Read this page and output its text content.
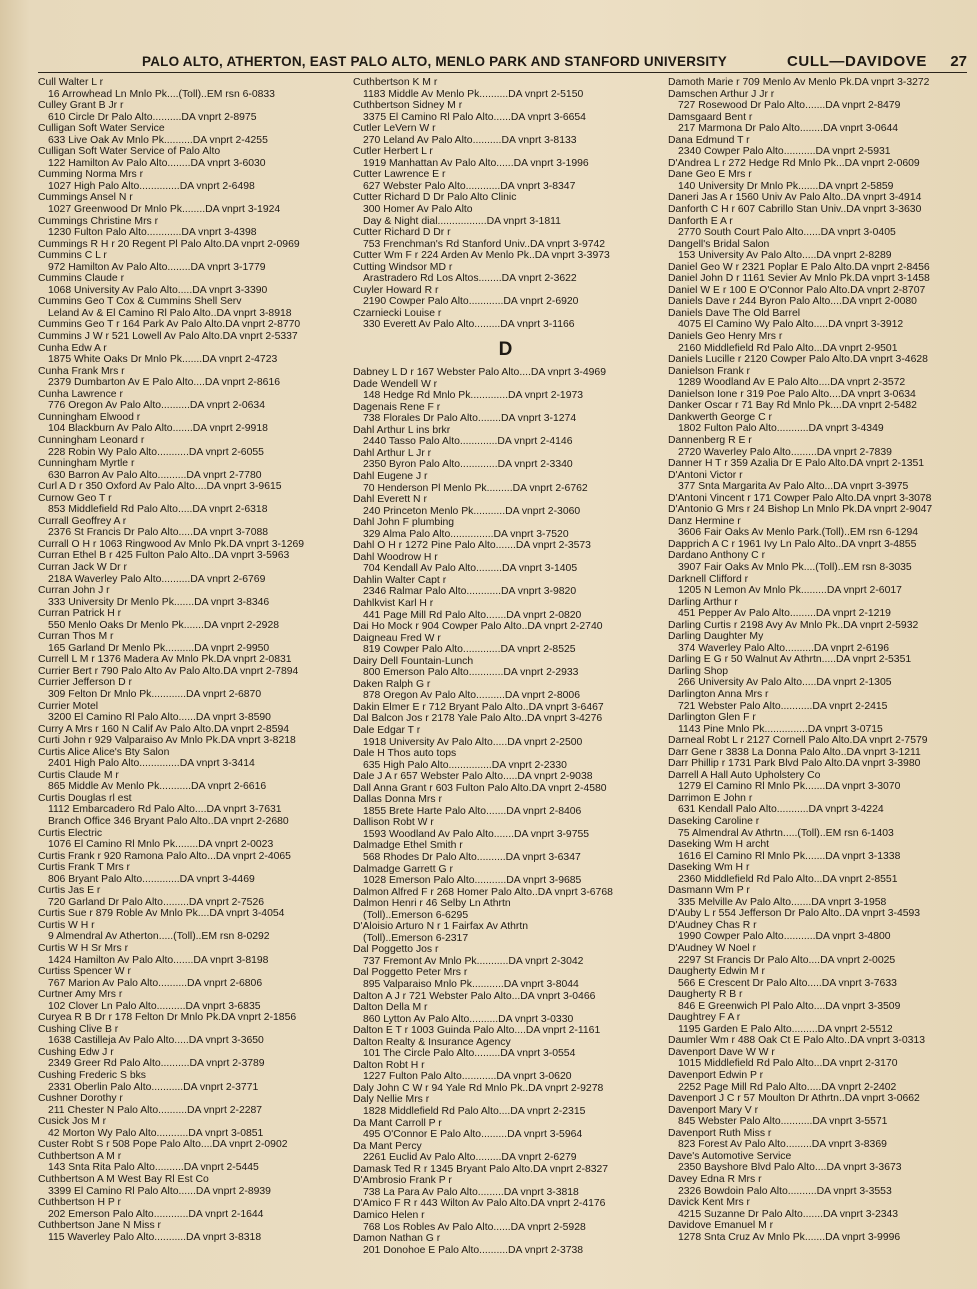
PALO ALTO, ATHERTON, EAST PALO ALTO, MENLO PARK AND STANFORD UNIVERSITY	CULL—DAVIDOVE 27
Cull Walter L r
16 Arrowhead Ln Mnlo Pk....(Toll)..EM rsn 6-0833
Culley Grant B Jr r
610 Circle Dr Palo Alto..........DA vnprt 2-8975
Culligan Soft Water Service
633 Live Oak Av Mnlo Pk..........DA vnprt 2-4255
Culligan Soft Water Service of Palo Alto
122 Hamilton Av Palo Alto........DA vnprt 3-6030
Cumming Norma Mrs r
1027 High Palo Alto..............DA vnprt 2-6498
Cummings Ansel N r
1027 Greenwood Dr Mnlo Pk........DA vnprt 3-1924
Cummings Christine Mrs r
1230 Fulton Palo Alto............DA vnprt 3-4398
Cummings R H r 20 Regent Pl Palo Alto.DA vnprt 2-0969
Cummins C L r
972 Hamilton Av Palo Alto........DA vnprt 3-1779
Cummins Claude r
1068 University Av Palo Alto.....DA vnprt 3-3390
Cummins Geo T Cox & Cummins Shell Serv
Leland Av & El Camino Rl Palo Alto..DA vnprt 3-8918
Cummins Geo T r 164 Park Av Palo Alto.DA vnprt 2-8770
Cummins J W r 521 Lowell Av Palo Alto.DA vnprt 2-5337
Cunha Edw A r
1875 White Oaks Dr Mnlo Pk.......DA vnprt 2-4723
Cunha Frank Mrs r
2379 Dumbarton Av E Palo Alto....DA vnprt 2-8616
Cunha Lawrence r
776 Oregon Av Palo Alto..........DA vnprt 2-0634
Cunningham Elwood r
104 Blackburn Av Palo Alto.......DA vnprt 2-9918
Cunningham Leonard r
228 Robin Wy Palo Alto...........DA vnprt 2-6055
Cunningham Myrtle r
630 Barron Av Palo Alto..........DA vnprt 2-7780
Curl A D r 350 Oxford Av Palo Alto....DA vnprt 3-9615
Curnow Geo T r
853 Middlefield Rd Palo Alto.....DA vnprt 2-6318
Currall Geoffrey A r
2376 St Francis Dr Palo Alto.....DA vnprt 3-7088
Currall O H r 1063 Ringwood Av Mnlo Pk.DA vnprt 3-1269
Curran Ethel B r 425 Fulton Palo Alto..DA vnprt 3-5963
Curran Jack W Dr r
218A Waverley Palo Alto..........DA vnprt 2-6769
Curran John J r
333 University Dr Menlo Pk.......DA vnprt 3-8346
Curran Patrick H r
550 Menlo Oaks Dr Menlo Pk.......DA vnprt 2-2928
Curran Thos M r
165 Garland Dr Menlo Pk..........DA vnprt 2-9950
Currell L M r 1376 Madera Av Mnlo Pk.DA vnprt 2-0831
Currier Bert r 790 Palo Alto Av Palo Alto.DA vnprt 2-7894
Currier Jefferson D r
309 Felton Dr Mnlo Pk............DA vnprt 2-6870
Currier Motel
3200 El Camino Rl Palo Alto......DA vnprt 3-8590
Curry A Mrs r 160 N Calif Av Palo Alto.DA vnprt 2-8594
Curti John r 929 Valparaiso Av Mnlo Pk.DA vnprt 3-8218
Curtis Alice Alice's Bty Salon
2401 High Palo Alto..............DA vnprt 3-3414
Curtis Claude M r
865 Middle Av Menlo Pk...........DA vnprt 2-6616
Curtis Douglas rl est
1112 Embarcadero Rd Palo Alto....DA vnprt 3-7631
Branch Office 346 Bryant Palo Alto..DA vnprt 2-2680
Curtis Electric
1076 El Camino Rl Mnlo Pk........DA vnprt 2-0023
Curtis Frank r 920 Ramona Palo Alto...DA vnprt 2-4065
Curtis Frank T Mrs r
806 Bryant Palo Alto.............DA vnprt 3-4469
Curtis Jas E r
720 Garland Dr Palo Alto.........DA vnprt 2-7526
Curtis Sue r 879 Roble Av Mnlo Pk....DA vnprt 3-4054
Curtis W H r
9 Almendral Av Atherton.....(Toll)..EM rsn 8-0292
Curtis W H Sr Mrs r
1424 Hamilton Av Palo Alto.......DA vnprt 3-8198
Curtiss Spencer W r
767 Marion Av Palo Alto..........DA vnprt 2-6806
Curtner Amy Mrs r
102 Clover Ln Palo Alto..........DA vnprt 3-6835
Curyea R B Dr r 178 Felton Dr Mnlo Pk.DA vnprt 2-1856
Cushing Clive B r
1638 Castilleja Av Palo Alto.....DA vnprt 3-3650
Cushing Edw J r
2349 Greer Rd Palo Alto..........DA vnprt 2-3789
Cushing Frederic S bks
2331 Oberlin Palo Alto...........DA vnprt 2-3771
Cushner Dorothy r
211 Chester N Palo Alto..........DA vnprt 2-2287
Cusick Jos M r
42 Morton Wy Palo Alto...........DA vnprt 3-0851
Custer Robt S r 508 Pope Palo Alto....DA vnprt 2-0902
Cuthbertson A M r
143 Snta Rita Palo Alto..........DA vnprt 2-5445
Cuthbertson A M West Bay Rl Est Co
3399 El Camino Rl Palo Alto......DA vnprt 2-8939
Cuthbertson H P r
202 Emerson Palo Alto............DA vnprt 2-1644
Cuthbertson Jane N Miss r
115 Waverley Palo Alto...........DA vnprt 3-8318
Cuthbertson K M r
1183 Middle Av Menlo Pk..........DA vnprt 2-5150
Cuthbertson Sidney M r
3375 El Camino Rl Palo Alto......DA vnprt 3-6654
Cutler LeVern W r
270 Leland Av Palo Alto..........DA vnprt 3-8133
Cutler Herbert L r
1919 Manhattan Av Palo Alto......DA vnprt 3-1996
Cutter Lawrence E r
627 Webster Palo Alto............DA vnprt 3-8347
Cutter Richard D Dr Palo Alto Clinic
300 Homer Av Palo Alto
Day & Night dial.................DA vnprt 3-1811
Cutter Richard D Dr r
753 Frenchman's Rd Stanford Univ..DA vnprt 3-9742
Cutter Wm F r 224 Arden Av Menlo Pk..DA vnprt 3-3973
Cutting Windsor MD r
Arastradero Rd Los Altos........DA vnprt 2-3622
Cuyler Howard R r
2190 Cowper Palo Alto............DA vnprt 2-6920
Czarniecki Louise r
330 Everett Av Palo Alto.........DA vnprt 3-1166
D
Dabney L D r 167 Webster Palo Alto....DA vnprt 3-4969
Dade Wendell W r
148 Hedge Rd Mnlo Pk.............DA vnprt 2-1973
Dagenais Rene F r
738 Florales Dr Palo Alto........DA vnprt 3-1274
Dahl Arthur L ins brkr
2440 Tasso Palo Alto.............DA vnprt 2-4146
Dahl Arthur L Jr r
2350 Byron Palo Alto.............DA vnprt 2-3340
Dahl Eugene J r
70 Henderson Pl Menlo Pk.........DA vnprt 2-6762
Dahl Everett N r
240 Princeton Menlo Pk...........DA vnprt 2-3060
Dahl John F plumbing
329 Alma Palo Alto...............DA vnprt 3-7520
Dahl O H r 1272 Pine Palo Alto.......DA vnprt 2-3573
Dahl Woodrow H r
704 Kendall Av Palo Alto.........DA vnprt 3-1405
Dahlin Walter Capt r
2346 Ralmar Palo Alto............DA vnprt 3-9820
Dahlkvist Karl H r
441 Page Mill Rd Palo Alto.......DA vnprt 2-0820
Dai Ho Mock r 904 Cowper Palo Alto..DA vnprt 2-2740
Daigneau Fred W r
819 Cowper Palo Alto.............DA vnprt 2-8525
Dairy Dell Fountain-Lunch
800 Emerson Palo Alto............DA vnprt 2-2933
Daken Ralph G r
878 Oregon Av Palo Alto..........DA vnprt 2-8006
Dakin Elmer E r 712 Bryant Palo Alto..DA vnprt 3-6467
Dal Balcon Jos r 2178 Yale Palo Alto..DA vnprt 3-4276
Dale Edgar T r
1918 University Av Palo Alto.....DA vnprt 2-2500
Dale H Thos auto tops
635 High Palo Alto...............DA vnprt 2-2330
Dale J A r 657 Webster Palo Alto.....DA vnprt 2-9038
Dall Anna Grant r 603 Fulton Palo Alto.DA vnprt 2-4580
Dallas Donna Mrs r
1855 Brete Harte Palo Alto.......DA vnprt 2-8406
Dallison Robt W r
1593 Woodland Av Palo Alto.......DA vnprt 3-9755
Dalmadge Ethel Smith r
568 Rhodes Dr Palo Alto..........DA vnprt 3-6347
Dalmadge Garrett G r
1028 Emerson Palo Alto...........DA vnprt 3-9685
Dalmon Alfred F r 268 Homer Palo Alto..DA vnprt 3-6768
Dalmon Henri r 46 Selby Ln Athrtn
(Toll)..Emerson 6-6295
D'Aloisio Arturo N r 1 Fairfax Av Athrtn
(Toll)..Emerson 6-2317
Dal Poggetto Jos r
737 Fremont Av Mnlo Pk...........DA vnprt 2-3042
Dal Poggetto Peter Mrs r
895 Valparaiso Mnlo Pk...........DA vnprt 3-8044
Dalton A J r 721 Webster Palo Alto...DA vnprt 3-0466
Dalton Della M r
860 Lytton Av Palo Alto..........DA vnprt 3-0330
Dalton E T r 1003 Guinda Palo Alto....DA vnprt 2-1161
Dalton Realty & Insurance Agency
101 The Circle Palo Alto.........DA vnprt 3-0554
Dalton Robt H r
1227 Fulton Palo Alto............DA vnprt 3-0620
Daly John C W r 94 Yale Rd Mnlo Pk..DA vnprt 2-9278
Daly Nellie Mrs r
1828 Middlefield Rd Palo Alto....DA vnprt 2-2315
Da Mant Carroll P r
495 O'Connor E Palo Alto.........DA vnprt 3-5964
Da Mant Percy
2261 Euclid Av Palo Alto.........DA vnprt 2-6279
Damask Ted R r 1345 Bryant Palo Alto.DA vnprt 2-8327
D'Ambrosio Frank P r
738 La Para Av Palo Alto.........DA vnprt 3-3818
D'Amico F R r 443 Wilton Av Palo Alto.DA vnprt 2-4176
Damico Helen r
768 Los Robles Av Palo Alto......DA vnprt 2-5928
Damon Nathan G r
201 Donohoe E Palo Alto..........DA vnprt 2-3738
Damoth Marie r 709 Menlo Av Menlo Pk.DA vnprt 3-3272
Damschen Arthur J Jr r
727 Rosewood Dr Palo Alto.......DA vnprt 2-8479
Damsgaard Bent r
217 Marmona Dr Palo Alto........DA vnprt 3-0644
Dana Edmund T r
2340 Cowper Palo Alto...........DA vnprt 2-5931
D'Andrea L r 272 Hedge Rd Mnlo Pk...DA vnprt 2-0609
Dane Geo E Mrs r
140 University Dr Mnlo Pk.......DA vnprt 2-5859
Daneri Jas A r 1560 Univ Av Palo Alto..DA vnprt 3-4914
Danforth C H r 607 Cabrillo Stan Univ..DA vnprt 3-3630
Danforth E A r
2770 South Court Palo Alto......DA vnprt 3-0405
Dangell's Bridal Salon
153 University Av Palo Alto.....DA vnprt 2-8289
Daniel Geo W r 2321 Poplar E Palo Alto.DA vnprt 2-8456
Daniel John D r 1161 Sevier Av Mnlo Pk.DA vnprt 3-1458
Daniel W E r 100 E O'Connor Palo Alto.DA vnprt 2-8707
Daniels Dave r 244 Byron Palo Alto....DA vnprt 2-0080
Daniels Dave The Old Barrel
4075 El Camino Wy Palo Alto.....DA vnprt 3-3912
Daniels Geo Henry Mrs r
2160 Middlefield Rd Palo Alto...DA vnprt 2-9501
Daniels Lucille r 2120 Cowper Palo Alto.DA vnprt 3-4628
Danielson Frank r
1289 Woodland Av E Palo Alto....DA vnprt 2-3572
Danielson Ione r 319 Poe Palo Alto....DA vnprt 3-0634
Danker Oscar r 71 Bay Rd Mnlo Pk....DA vnprt 2-5482
Dankwerth George C r
1802 Fulton Palo Alto...........DA vnprt 3-4349
Dannenberg R E r
2720 Waverley Palo Alto.........DA vnprt 2-7839
Danner H T r 359 Azalia Dr E Palo Alto.DA vnprt 2-1351
D'Antoni Victor r
377 Snta Margarita Av Palo Alto...DA vnprt 3-3975
D'Antoni Vincent r 171 Cowper Palo Alto.DA vnprt 3-3078
D'Antonio G Mrs r 24 Bishop Ln Mnlo Pk.DA vnprt 2-9047
Danz Hermine r
3606 Fair Oaks Av Menlo Park.(Toll)..EM rsn 6-1294
Dapprich A C r 1961 Ivy Ln Palo Alto..DA vnprt 3-4855
Dardano Anthony C r
3907 Fair Oaks Av Mnlo Pk....(Toll)..EM rsn 8-3035
Darknell Clifford r
1205 N Lemon Av Mnlo Pk.........DA vnprt 2-6017
Darling Arthur r
451 Pepper Av Palo Alto.........DA vnprt 2-1219
Darling Curtis r 2198 Avy Av Mnlo Pk..DA vnprt 2-5932
Darling Daughter My
374 Waverley Palo Alto..........DA vnprt 2-6196
Darling E G r 50 Walnut Av Athrtn.....DA vnprt 2-5351
Darling Shop
266 University Av Palo Alto.....DA vnprt 2-1305
Darlington Anna Mrs r
721 Webster Palo Alto...........DA vnprt 2-2415
Darlington Glen F r
1143 Pine Mnlo Pk...............DA vnprt 3-0715
Darneal Robt L r 2127 Cornell Palo Alto.DA vnprt 2-7579
Darr Gene r 3838 La Donna Palo Alto..DA vnprt 3-1211
Darr Phillip r 1731 Park Blvd Palo Alto.DA vnprt 3-3980
Darrell A Hall Auto Upholstery Co
1279 El Camino Rl Mnlo Pk.......DA vnprt 3-3070
Darrimon E John r
631 Kendall Palo Alto...........DA vnprt 3-4224
Daseking Caroline r
75 Almendral Av Athrtn.....(Toll)..EM rsn 6-1403
Daseking Wm H archt
1616 El Camino Rl Mnlo Pk.......DA vnprt 3-1338
Daseking Wm H r
2360 Middlefield Rd Palo Alto...DA vnprt 2-8551
Dasmann Wm P r
335 Melville Av Palo Alto.......DA vnprt 3-1958
D'Auby L r 554 Jefferson Dr Palo Alto..DA vnprt 3-4593
D'Audney Chas R r
1990 Cowper Palo Alto...........DA vnprt 3-4800
D'Audney W Noel r
2297 St Francis Dr Palo Alto....DA vnprt 2-0025
Daugherty Edwin M r
566 E Crescent Dr Palo Alto.....DA vnprt 3-7633
Daugherty R B r
846 E Greenwich Pl Palo Alto....DA vnprt 3-3509
Daughtrey F A r
1195 Garden E Palo Alto.........DA vnprt 2-5512
Daumler Wm r 488 Oak Ct E Palo Alto..DA vnprt 3-0313
Davenport Dave W W r
1015 Middlefield Rd Palo Alto...DA vnprt 2-3170
Davenport Edwin P r
2252 Page Mill Rd Palo Alto.....DA vnprt 2-2402
Davenport J C r 57 Moulton Dr Athrtn..DA vnprt 3-0662
Davenport Mary V r
845 Webster Palo Alto...........DA vnprt 3-5571
Davenport Ruth Miss r
823 Forest Av Palo Alto.........DA vnprt 3-8369
Dave's Automotive Service
2350 Bayshore Blvd Palo Alto....DA vnprt 3-3673
Davey Edna R Mrs r
2326 Bowdoin Palo Alto..........DA vnprt 3-3553
Davick Kent Mrs r
4215 Suzanne Dr Palo Alto.......DA vnprt 3-2343
Davidove Emanuel M r
1278 Snta Cruz Av Mnlo Pk.......DA vnprt 3-9996
